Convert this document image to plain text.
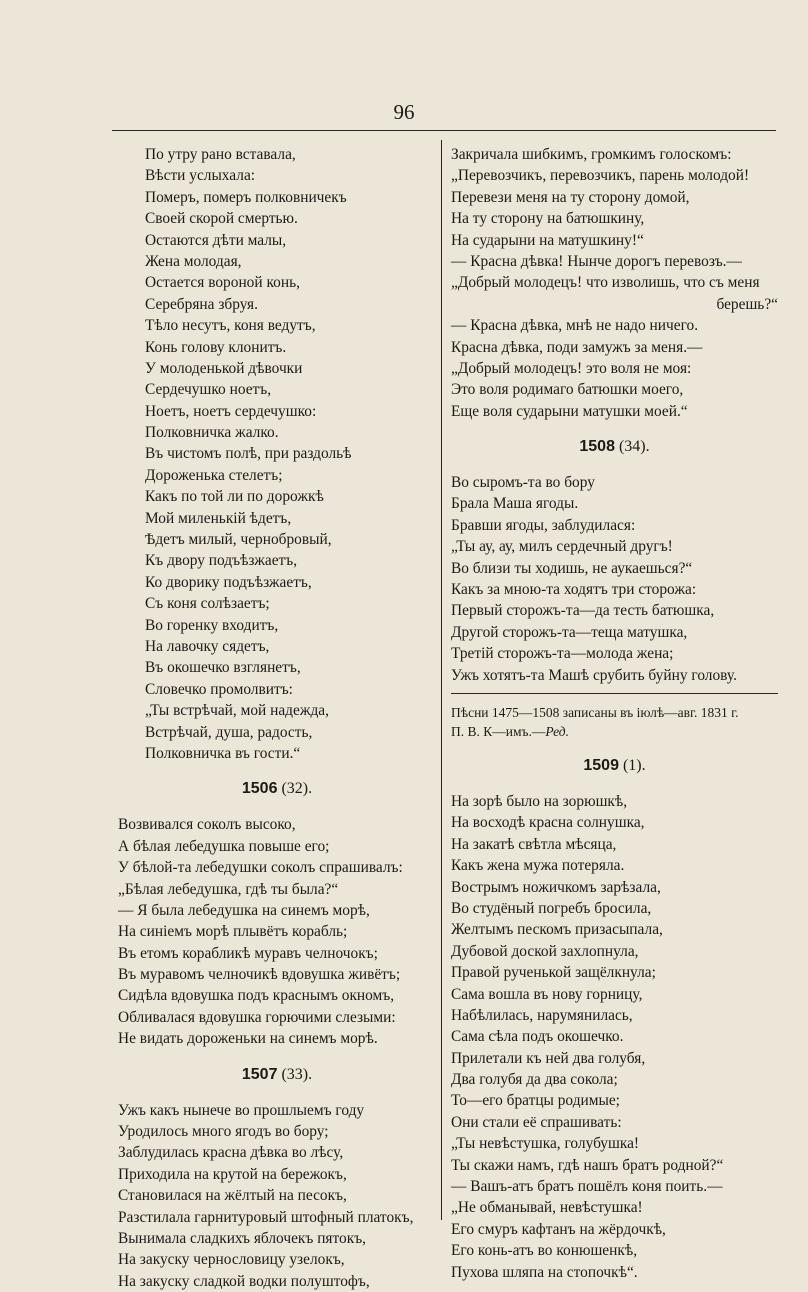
96
По утру рано вставала,
Вѣсти услыхала:
Померъ, померъ полковничекъ
Своей скорой смертью.
Остаются дѣти малы,
Жена молодая,
Остается вороной конь,
Серебряна збруя.
Тѣло несутъ, коня ведутъ,
Конь голову клонитъ.
У молоденькой дѣвочки
Сердечушко ноетъ,
Ноетъ, ноетъ сердечушко:
Полковничка жалко.
Въ чистомъ полѣ, при раздольѣ
Дороженька стелетъ;
Какъ по той ли по дорожкѣ
Мой миленькій ѣдетъ,
Ѣдетъ милый, чернобровый,
Къ двору подъѣзжаетъ,
Ко дворику подъѣзжаетъ,
Съ коня солѣзаетъ;
Во горенку входитъ,
На лавочку сядетъ,
Въ окошечко взглянетъ,
Словечко промолвитъ:
„Ты встрѣчай, мой надежда,
Встрѣчай, душа, радость,
Полковничка въ гости.“
1506 (32).
Возвивался соколъ высоко,
А бѣлая лебедушка повыше его;
У бѣлой-та лебедушки соколъ спрашивалъ:
„Бѣлая лебедушка, гдѣ ты была?“
— Я была лебедушка на синемъ морѣ,
На синіемъ морѣ плывётъ корабль;
Въ етомъ корабликѣ муравъ челночокъ;
Въ муравомъ челночикѣ вдовушка живётъ;
Сидѣла вдовушка подъ краснымъ окномъ,
Обливалася вдовушка горючими слезыми:
Не видать дороженьки на синемъ морѣ.
1507 (33).
Ужъ какъ нынече во прошлыемъ году
Уродилось много ягодъ во бору;
Заблудилась красна дѣвка во лѣсу,
Приходила на крутой на бережокъ,
Становилася на жёлтый на песокъ,
Разстилала гарнитуровый штофный платокъ,
Вынимала сладкихъ яблочекъ пятокъ,
На закуску чернословицу узелокъ,
На закуску сладкой водки полуштофъ,
Закричала шибкимъ, громкимъ голоскомъ:
„Перевозчикъ, перевозчикъ, парень молодой!
Перевези меня на ту сторону домой,
На ту сторону на батюшкину,
На сударыни на матушкину!“
— Красна дѣвка! Нынче дорогъ перевозъ.—
„Добрый молодецъ! что изволишь, что съ меня
берешь?“
— Красна дѣвка, мнѣ не надо ничего.
Красна дѣвка, поди замужъ за меня.—
„Добрый молодецъ! это воля не моя:
Это воля родимаго батюшки моего,
Еще воля сударыни матушки моей.“
1508 (34).
Во сыромъ-та во бору
Брала Маша ягоды.
Бравши ягоды, заблудилася:
„Ты ау, ау, милъ сердечный другъ!
Во близи ты ходишь, не аукаешься?“
Какъ за мною-та ходятъ три сторожа:
Первый сторожъ-та—да тесть батюшка,
Другой сторожъ-та—теща матушка,
Третій сторожъ-та—молода жена;
Ужъ хотятъ-та Машѣ срубить буйну голову.
Пѣсни 1475—1508 записаны въ іюлѣ—авг. 1831 г.
П. В. К—имъ.—Ред.
1509 (1).
На зорѣ было на зорюшкѣ,
На восходѣ красна солнушка,
На закатѣ свѣтла мѣсяца,
Какъ жена мужа потеряла.
Вострымъ ножичкомъ зарѣзала,
Во студёный погребъ бросила,
Желтымъ пескомъ призасыпала,
Дубовой доской захлопнула,
Правой рученькой защёлкнула;
Сама вошла въ нову горницу,
Набѣлилась, нарумянилась,
Сама сѣла подъ окошечко.
Прилетали къ ней два голубя,
Два голубя да два сокола;
То—его братцы родимые;
Они стали её спрашивать:
„Ты невѣстушка, голубушка!
Ты скажи намъ, гдѣ нашъ братъ родной?“
— Вашъ-атъ братъ пошёлъ коня поить.—
„Не обманывай, невѣстушка!
Его смуръ кафтанъ на жёрдочкѣ,
Его конь-атъ во конюшенкѣ,
Пухова шляпа на стопочкѣ“.
